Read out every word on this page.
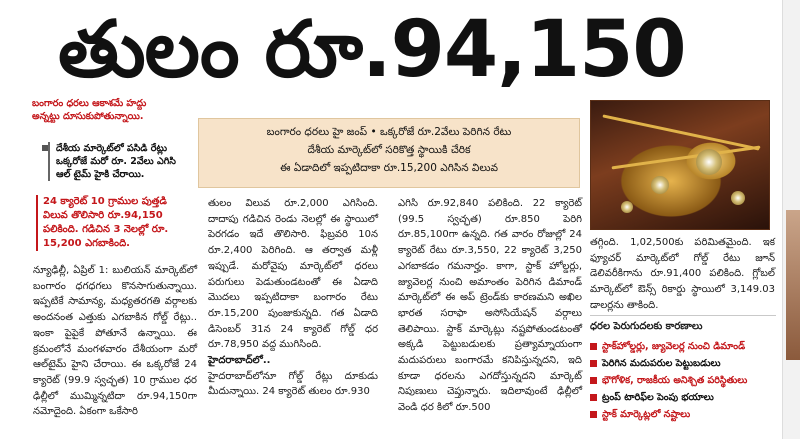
తులం రూ.94,150
బంగారం ధరలు ఆకాశమే హద్దు అన్నట్టు దూసుకుపోతున్నాయి.
దేశీయ మార్కెట్‌లో పసిడి రేట్లు ఒక్కరోజే మరో రూ. 2వేలు ఎగిసి ఆల్‌ టైమ్‌ హైకి చేరాయి.
24 క్యారెట్‌ 10 గ్రాముల పుత్తడి విలువ తొలిసారి రూ.94,150 పలికింది. గడిచిన 3 నెలల్లో రూ. 15,200 ఎగబాకింది.
బంగారం ధరలు హై జంప్‌ • ఒక్కరోజే రూ.2వేలు పెరిగిన రేటు
దేశీయ మార్కెట్‌లో సరికొత్త స్థాయికి చేరిక
ఈ ఏడాదిలో ఇప్పటిదాకా రూ.15,200 ఎగిసిన విలువ

న్యూఢిల్లీ, ఏప్రిల్‌ 1: బులియన్‌ మార్కెట్‌లో బంగారం ధగధగలు కొనసాగుతున్నాయి. ఇప్పటికే సామాన్య, మధ్యతరగతి వర్గాలకు అందనంత ఎత్తుకు ఎగబాకిన గోల్డ్‌ రేట్లు.. ఇంకా పైపైకే పోతూనే ఉన్నాయి. ఈ క్రమంలోనే మంగళవారం దేశీయంగా మరో ఆల్‌టైమ్‌ హైని చేరాయి. ఈ ఒక్కరోజే 24 క్యారెట్‌ (99.9 స్వచ్ఛత) 10 గ్రాముల ధర ఢిల్లీలో ముమ్మిన్నటిదా రూ.94,150గా నమోదైంది. ఏకంగా ఒకేసారి

తులం విలువ రూ.2,000 ఎగిసింది. దాదాపు గడిచిన రెండు నెలల్లో ఈ స్థాయిలో పెరగడం ఇదే తొలిసారి. ఫిబ్రవరి 10న రూ.2,400 పెరిగింది. ఆ తర్వాత మళ్లీ ఇప్పుడే. మరోవైపు మార్కెట్‌లో ధరలు పరుగులు పెడుతుండటంతో ఈ ఏడాది మొదలు ఇప్పటిదాకా బంగారం రేటు రూ.15,200 పుంజుకున్నది. గత ఏడాది డిసెంబర్‌ 31న 24 క్యారెట్‌ గోల్డ్‌ ధర రూ.78,950 వద్ద ముగిసింది.

హైదరాబాద్‌లో..

హైదరాబాద్‌లోనూ గోల్డ్‌ రేట్లు దూకుడు మీదున్నాయి. 24 క్యారెట్‌ తులం రూ.930

ఎగిసి రూ.92,840 పలికింది. 22 క్యారెట్‌ (99.5 స్వచ్ఛత) రూ.850 పెరిగి రూ.85,100గా ఉన్నది. గత వారం రోజుల్లో 24 క్యారెట్‌ రేటు రూ.3,550, 22 క్యారెట్‌ 3,250 ఎగబాకడం గమనార్హం. కాగా, స్టాక్‌ హోల్డర్లు, జ్యువెలర్ల నుంచి అమాంతం పెరిగిన డిమాండ్‌ మార్కెట్‌లో ఈ అప్‌ ట్రెండ్‌కు కారణమని అఖిల భారత సరాఫా అసోసియేషన్‌ వర్గాలు తెలిపాయి. స్టాక్‌ మార్కెట్లు నష్టపోతుండటంతో అక్కడి పెట్టుబడులకు ప్రత్యామ్నాయంగా మదుపరులు బంగారమే కనిపిస్తున్నదని, ఇది కూడా ధరలను ఎగదోస్తున్నదని మార్కెట్‌ నిపుణులు చెప్తున్నారు. ఇదిలావుంటే ఢిల్లీలో వెండి ధర కిలో రూ.500

తగ్గింది. 1,02,500కు పరిమితమైంది. ఇక ఫ్యూచర్‌ మార్కెట్‌లో గోల్డ్‌ రేటు జూన్‌ డెలివరీకిగాను రూ.91,400 పలికింది. గ్లోబల్‌ మార్కెట్‌లో ఔన్స్‌ రికార్డు స్థాయిలో 3,149.03 డాలర్లను తాకింది.

ధరల పెరుగుదలకు కారణాలు
స్టాక్‌హోల్డర్లు, జ్యువెలర్ల నుంచి డిమాండ్‌
పెరిగిన మదుపరుల పెట్టుబడులు
భౌగోళిక, రాజకీయ అనిశ్చిత పరిస్థితులు
ట్రంప్‌ టారిఫ్‌ల పెంపు భయాలు
స్టాక్‌ మార్కెట్లలో నష్టాలు
